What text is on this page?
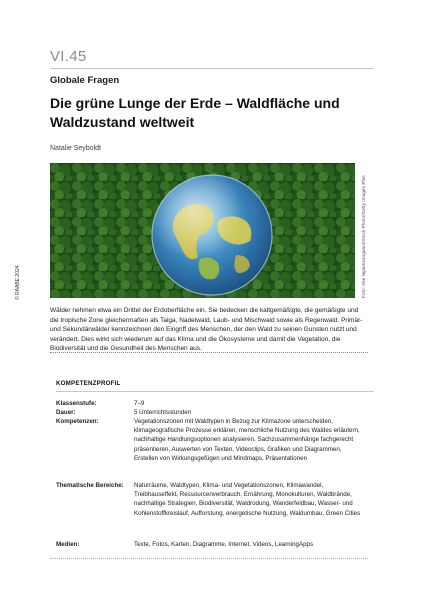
VI.45
Globale Fragen
Die grüne Lunge der Erde – Waldfläche und Waldzustand weltweit
Natalie Seyboldt
Foto: Ake Ngiamsanguan/iStock Photo/Getty Images Plus
© RAABE 2024
Wälder nehmen etwa ein Drittel der Erdoberfläche ein. Sie bedecken die kaltgemäßigte, die gemäßigte und die tropische Zone gleichermaßen als Taiga, Nadelwald, Laub- und Mischwald sowie als Regenwald. Primär- und Sekundärwälder kennzeichnen den Eingriff des Menschen, der den Wald zu seinen Gunsten nutzt und verändert. Dies wirkt sich wiederum auf das Klima und die Ökosysteme und damit die Vegetation, die Biodiversität und die Gesundheit des Menschen aus.
KOMPETENZPROFIL
Klassenstufe:	7–9
Dauer:	5 Unterrichtsstunden
Kompetenzen:	Vegetationszonen mit Waldtypen in Bezug zur Klimazone unterscheiden, klimageografische Prozesse erklären, menschliche Nutzung des Waldes erläutern, nachhaltige Handlungsoptionen analysieren, Sachzusammenhänge fachgerecht präsentieren, Auswerten von Texten, Videoclips, Grafiken und Diagrammen, Erstellen von Wirkungsgefügen und Mindmaps, Präsentationen
Thematische Bereiche: Naturräume, Waldtypen, Klima- und Vegetationszonen, Klimawandel, Treibhauseffekt, Ressourcenverbrauch, Ernährung, Monokulturen, Waldbrände, nachhaltige Strategien, Biodiversität, Waldrodung, Wanderfeldbau, Wasser- und Kohlenstoffkreislauf, Aufforstung, energetische Nutzung, Waldumbau, Green Cities
Medien:	Texte, Fotos, Karten, Diagramme, Internet, Videos, LearningApps
